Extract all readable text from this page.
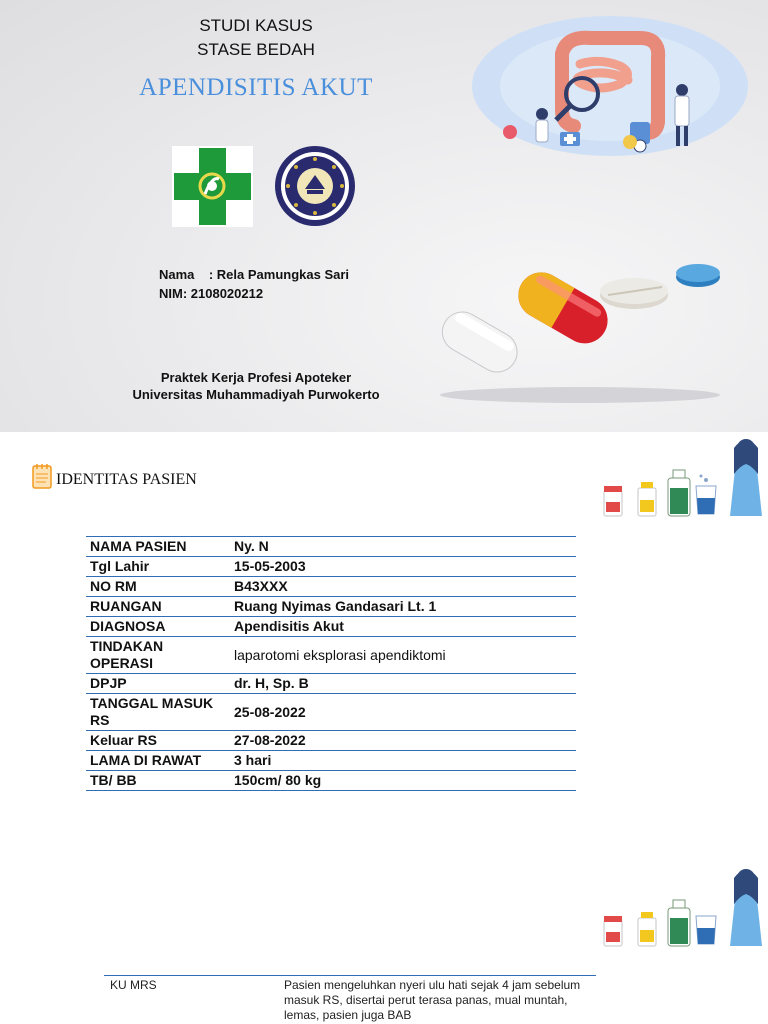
STUDI KASUS
STASE BEDAH
APENDISITIS AKUT
Nama    : Rela Pamungkas Sari
NIM: 2108020212
Praktek Kerja Profesi Apoteker
Universitas Muhammadiyah Purwokerto
IDENTITAS PASIEN
NAMA PASIEN	Ny. N
Tgl Lahir	15-05-2003
NO RM	B43XXX
RUANGAN	Ruang Nyimas Gandasari Lt. 1
DIAGNOSA	Apendisitis Akut
TINDAKAN OPERASI	laparotomi eksplorasi apendiktomi
DPJP	dr. H, Sp. B
TANGGAL MASUK RS	25-08-2022
Keluar RS	27-08-2022
LAMA DI RAWAT	3 hari
TB/ BB	150cm/ 80 kg
KU MRS	Pasien mengeluhkan nyeri ulu hati sejak 4 jam sebelum masuk RS, disertai perut terasa panas, mual muntah, lemas, pasien juga BAB
